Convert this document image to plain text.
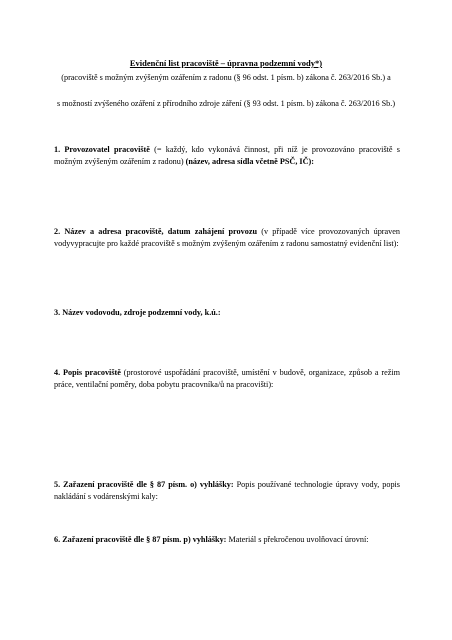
Evidenční list pracoviště – úpravna podzemní vody*)
(pracoviště s možným zvýšeným ozářením z radonu (§ 96 odst. 1 písm. b) zákona č. 263/2016 Sb.) a
s možností zvýšeného ozáření z přírodního zdroje záření (§ 93 odst. 1 písm. b) zákona č. 263/2016 Sb.)
1. Provozovatel pracoviště (= každý, kdo vykonává činnost, při níž je provozováno pracoviště s možným zvýšeným ozářením z radonu) (název, adresa sídla včetně PSČ, IČ):
2. Název a adresa pracoviště, datum zahájení provozu (v případě více provozovaných úpraven vodyvypracujte pro každé pracoviště s možným zvýšeným ozářením z radonu samostatný evidenční list):
3. Název vodovodu, zdroje podzemní vody, k.ú.:
4. Popis pracoviště (prostorové uspořádání pracoviště, umístění v budově, organizace, způsob a režim práce, ventilační poměry, doba pobytu pracovníka/ů na pracovišti):
5. Zařazení pracoviště dle § 87 písm. o) vyhlášky: Popis používané technologie úpravy vody, popis nakládání s vodárenskými kaly:
6. Zařazení pracoviště dle § 87 písm. p) vyhlášky: Materiál s překročenou uvolňovací úrovní:
